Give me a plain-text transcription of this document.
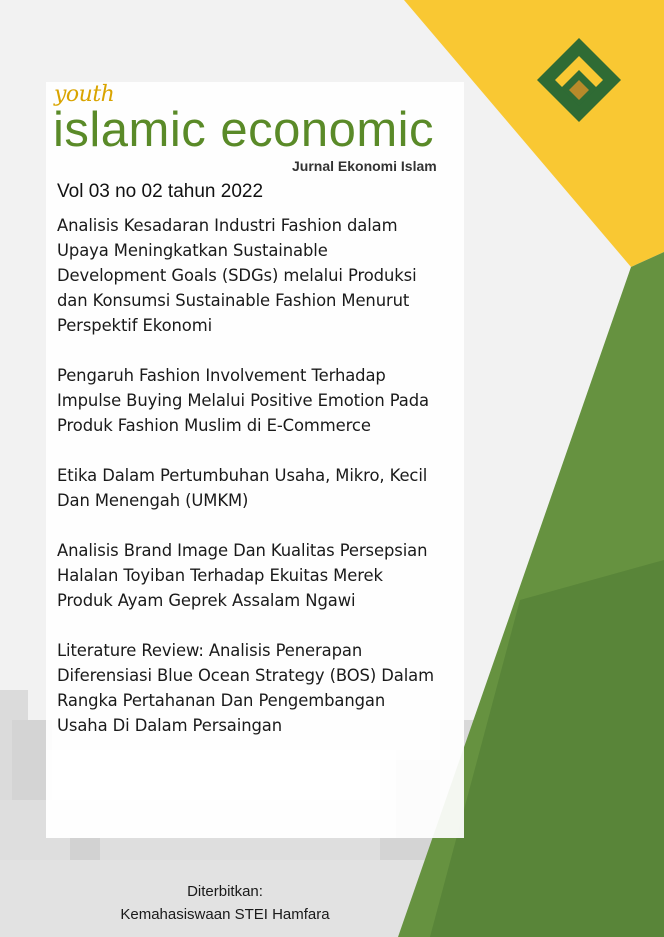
youth

islamic economic

Jurnal Ekonomi Islam

Vol 03 no 02 tahun 2022

Analisis Kesadaran Industri Fashion dalam
Upaya Meningkatkan Sustainable
Development Goals (SDGs) melalui Produksi
dan Konsumsi Sustainable Fashion Menurut
Perspektif Ekonomi
Pengaruh Fashion Involvement Terhadap
Impulse Buying Melalui Positive Emotion Pada
Produk Fashion Muslim di E-Commerce
Etika Dalam Pertumbuhan Usaha, Mikro, Kecil
Dan Menengah (UMKM)
Analisis Brand Image Dan Kualitas Persepsian
Halalan Toyiban Terhadap Ekuitas Merek
Produk Ayam Geprek Assalam Ngawi
Literature Review: Analisis Penerapan
Diferensiasi Blue Ocean Strategy (BOS) Dalam
Rangka Pertahanan Dan Pengembangan
Usaha Di Dalam Persaingan

Diterbitkan:

Kemahasiswaan STEI Hamfara
